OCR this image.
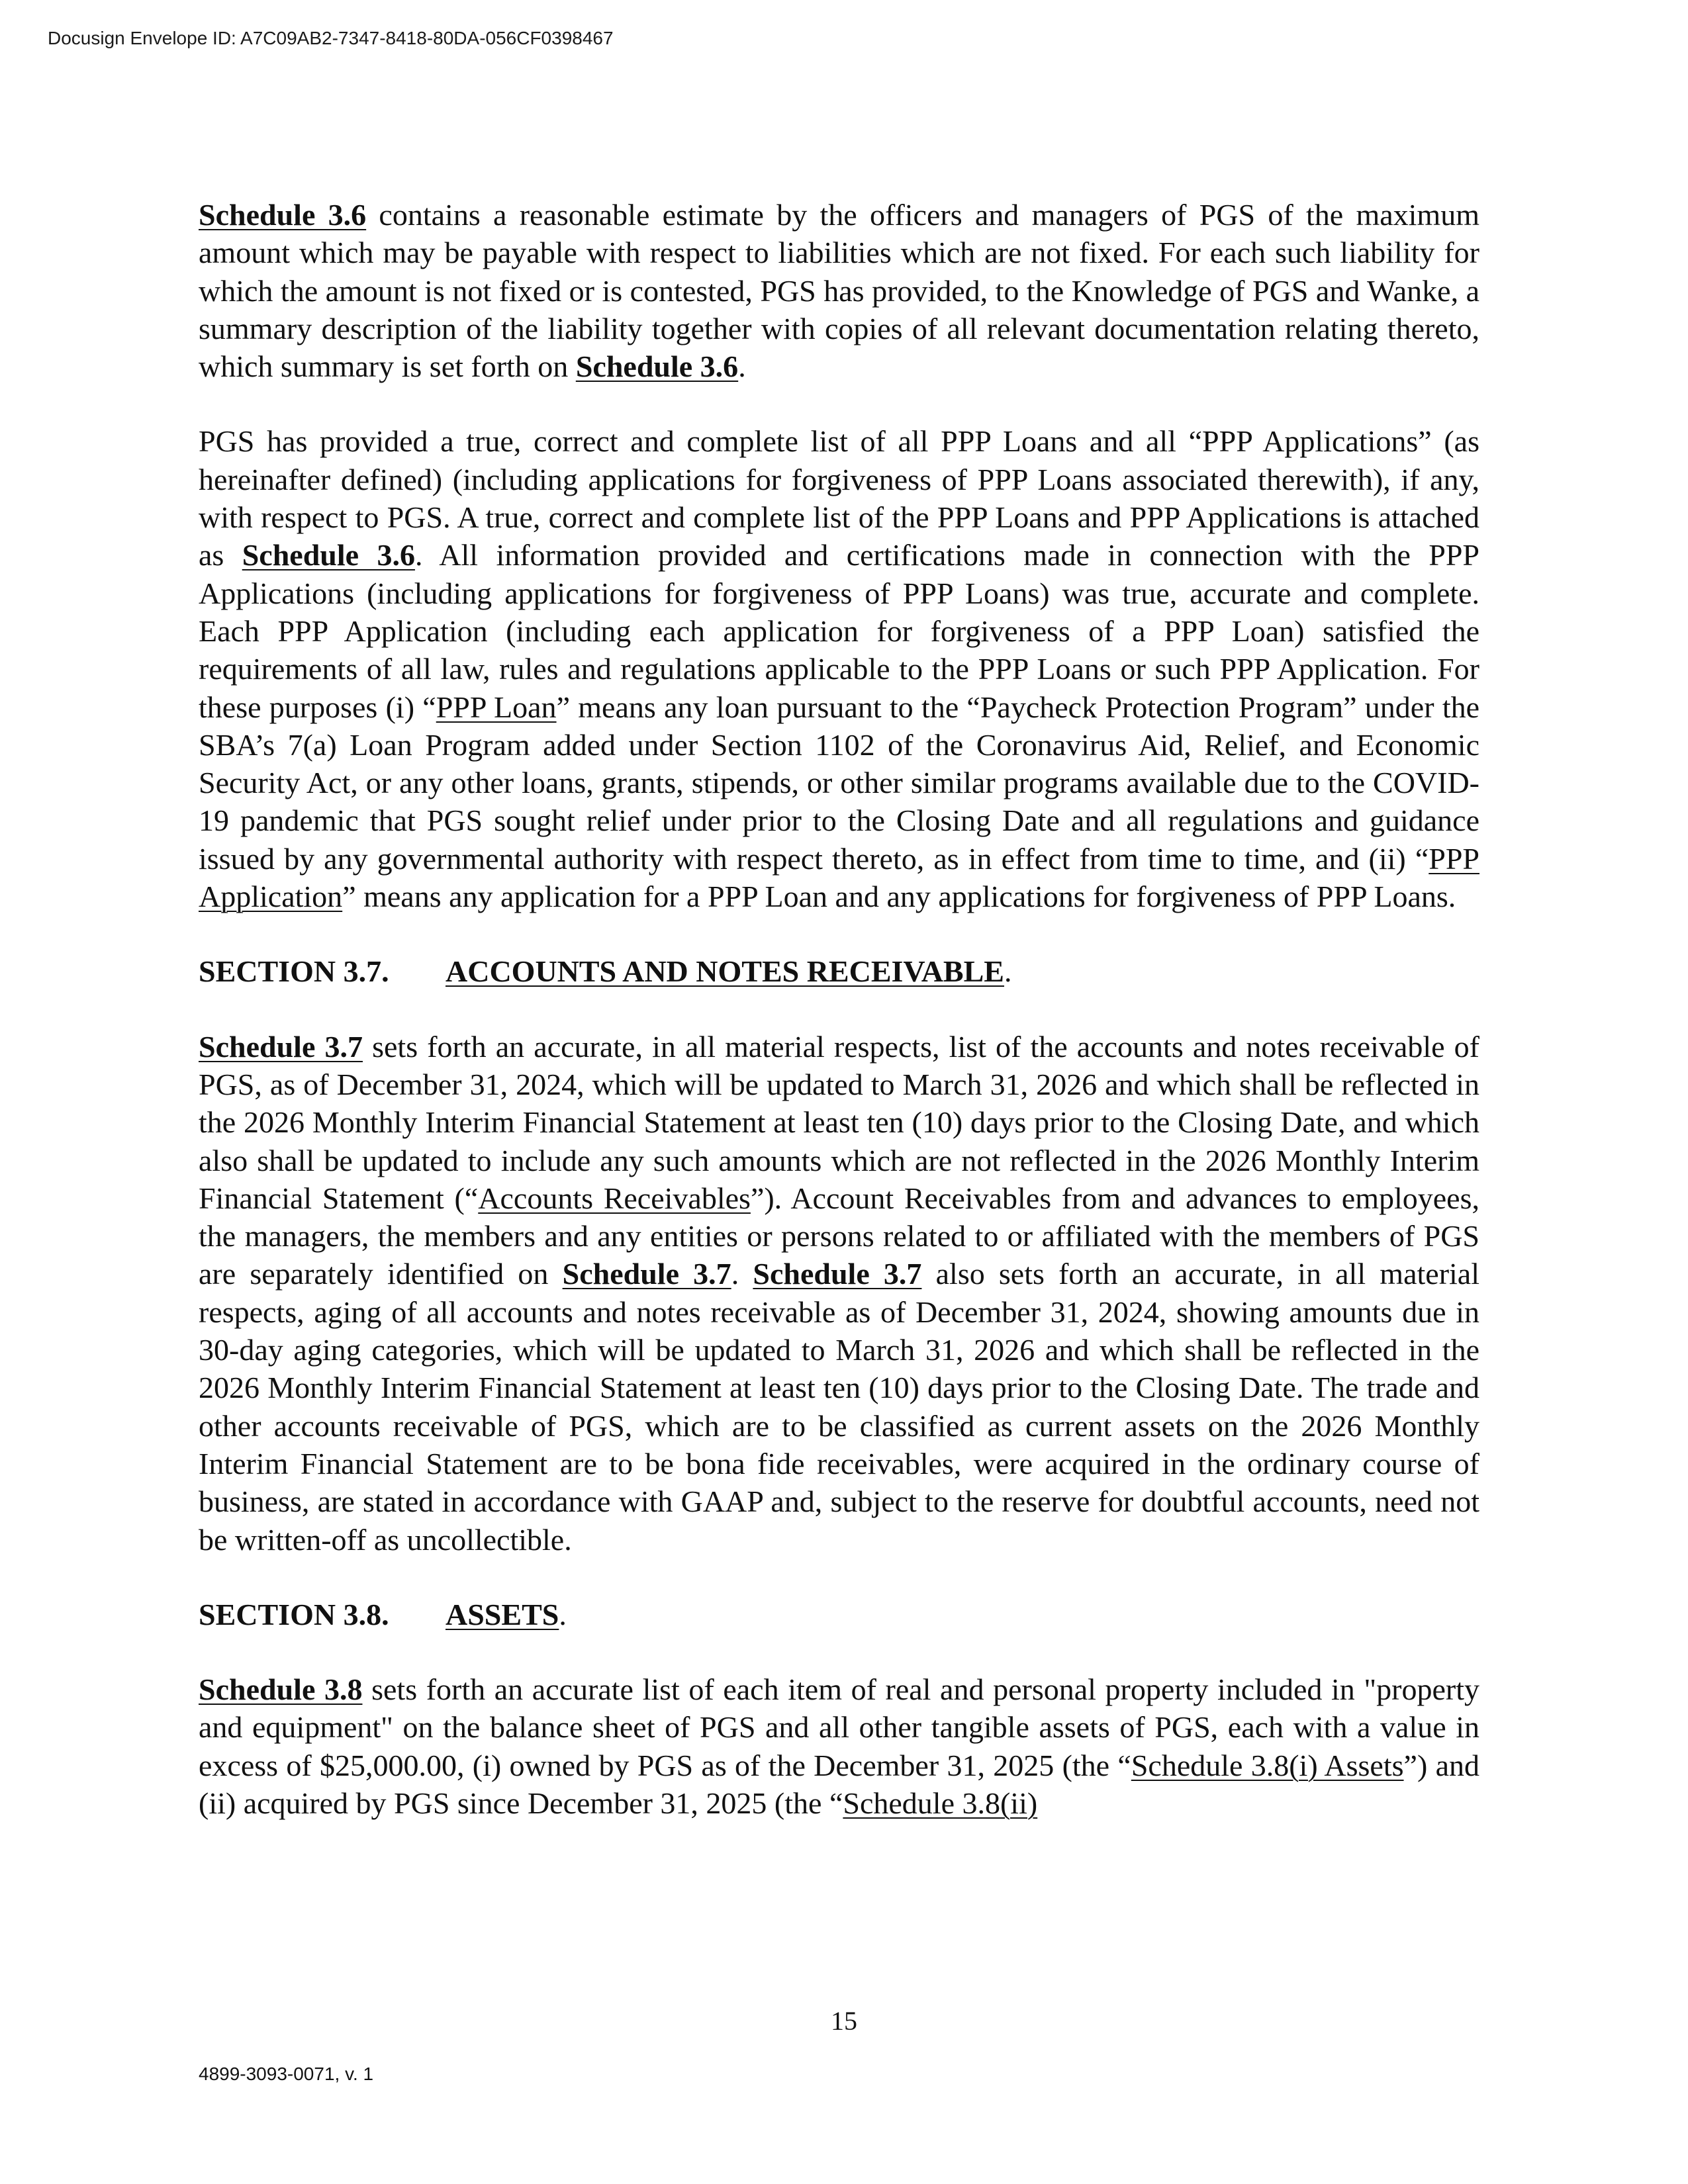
Docusign Envelope ID: A7C09AB2-7347-8418-80DA-056CF0398467

Schedule 3.6 contains a reasonable estimate by the officers and managers of PGS of the maximum amount which may be payable with respect to liabilities which are not fixed. For each such liability for which the amount is not fixed or is contested, PGS has provided, to the Knowledge of PGS and Wanke, a summary description of the liability together with copies of all relevant documentation relating thereto, which summary is set forth on Schedule 3.6.

PGS has provided a true, correct and complete list of all PPP Loans and all “PPP Applications” (as hereinafter defined) (including applications for forgiveness of PPP Loans associated therewith), if any, with respect to PGS. A true, correct and complete list of the PPP Loans and PPP Applications is attached as Schedule 3.6. All information provided and certifications made in connection with the PPP Applications (including applications for forgiveness of PPP Loans) was true, accurate and complete. Each PPP Application (including each application for forgiveness of a PPP Loan) satisfied the requirements of all law, rules and regulations applicable to the PPP Loans or such PPP Application. For these purposes (i) “PPP Loan” means any loan pursuant to the “Paycheck Protection Program” under the SBA’s 7(a) Loan Program added under Section 1102 of the Coronavirus Aid, Relief, and Economic Security Act, or any other loans, grants, stipends, or other similar programs available due to the COVID-19 pandemic that PGS sought relief under prior to the Closing Date and all regulations and guidance issued by any governmental authority with respect thereto, as in effect from time to time, and (ii) “PPP Application” means any application for a PPP Loan and any applications for forgiveness of PPP Loans.

SECTION 3.7. ACCOUNTS AND NOTES RECEIVABLE.

Schedule 3.7 sets forth an accurate, in all material respects, list of the accounts and notes receivable of PGS, as of December 31, 2024, which will be updated to March 31, 2026 and which shall be reflected in the 2026 Monthly Interim Financial Statement at least ten (10) days prior to the Closing Date, and which also shall be updated to include any such amounts which are not reflected in the 2026 Monthly Interim Financial Statement (“Accounts Receivables”). Account Receivables from and advances to employees, the managers, the members and any entities or persons related to or affiliated with the members of PGS are separately identified on Schedule 3.7. Schedule 3.7 also sets forth an accurate, in all material respects, aging of all accounts and notes receivable as of December 31, 2024, showing amounts due in 30-day aging categories, which will be updated to March 31, 2026 and which shall be reflected in the 2026 Monthly Interim Financial Statement at least ten (10) days prior to the Closing Date. The trade and other accounts receivable of PGS, which are to be classified as current assets on the 2026 Monthly Interim Financial Statement are to be bona fide receivables, were acquired in the ordinary course of business, are stated in accordance with GAAP and, subject to the reserve for doubtful accounts, need not be written-off as uncollectible.

SECTION 3.8. ASSETS.

Schedule 3.8 sets forth an accurate list of each item of real and personal property included in "property and equipment" on the balance sheet of PGS and all other tangible assets of PGS, each with a value in excess of $25,000.00, (i) owned by PGS as of the December 31, 2025 (the “Schedule 3.8(i) Assets”) and (ii) acquired by PGS since December 31, 2025 (the “Schedule 3.8(ii)

15
4899-3093-0071, v. 1
